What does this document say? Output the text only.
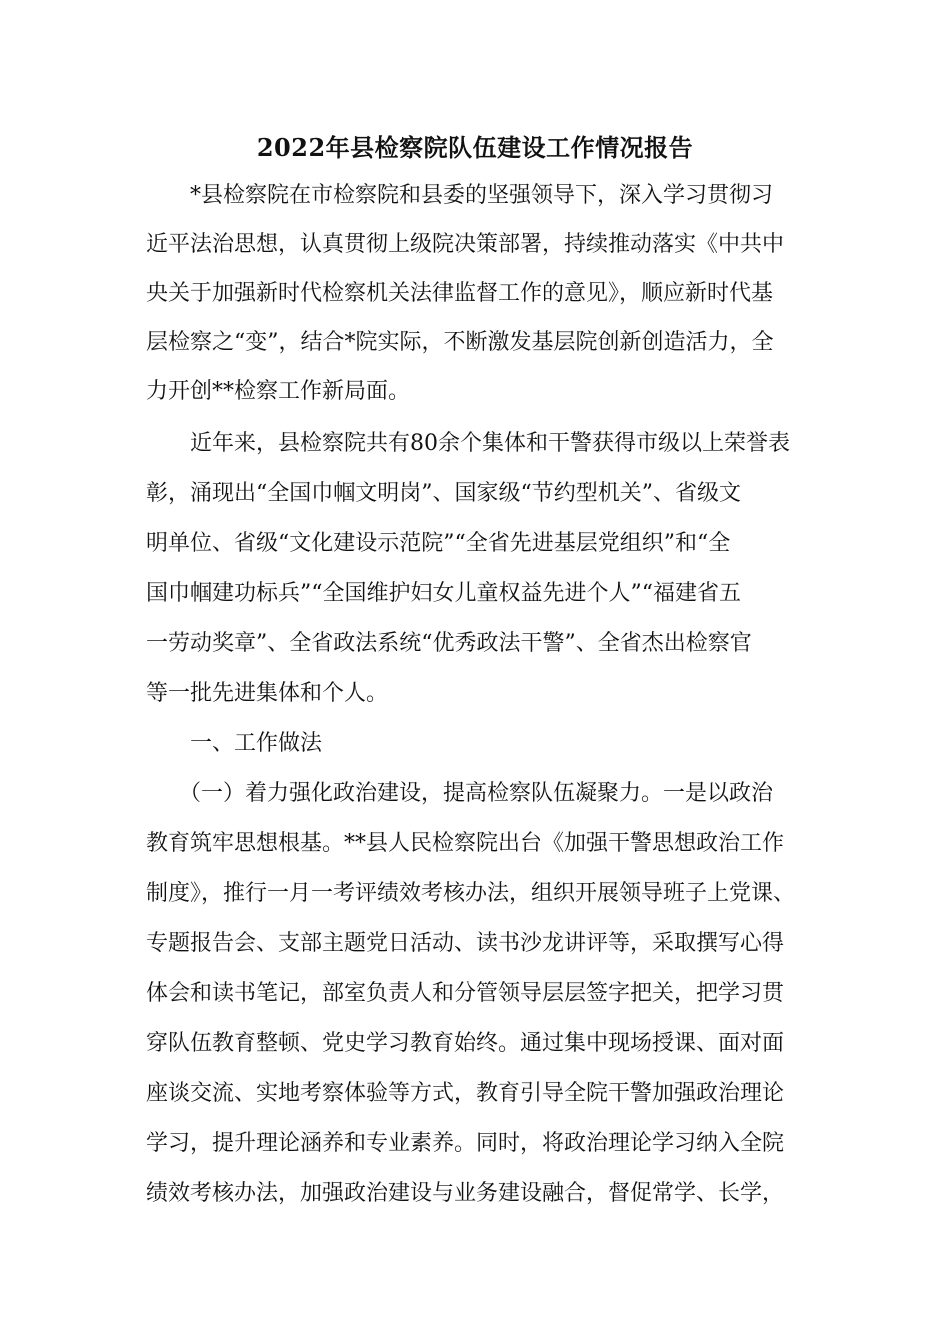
2022年县检察院队伍建设工作情况报告

　　*县检察院在市检察院和县委的坚强领导下，深入学习贯彻习

近平法治思想，认真贯彻上级院决策部署，持续推动落实《中共中

央关于加强新时代检察机关法律监督工作的意见》，顺应新时代基

层检察之“变”，结合*院实际，不断激发基层院创新创造活力，全

力开创**检察工作新局面。

　　近年来，县检察院共有80余个集体和干警获得市级以上荣誉表

彰，涌现出“全国巾帼文明岗”、国家级“节约型机关”、省级文

明单位、省级“文化建设示范院”“全省先进基层党组织”和“全

国巾帼建功标兵”“全国维护妇女儿童权益先进个人”“福建省五

一劳动奖章”、全省政法系统“优秀政法干警”、全省杰出检察官

等一批先进集体和个人。

　　一、工作做法

　　（一）着力强化政治建设，提高检察队伍凝聚力。一是以政治

教育筑牢思想根基。**县人民检察院出台《加强干警思想政治工作

制度》，推行一月一考评绩效考核办法，组织开展领导班子上党课、

专题报告会、支部主题党日活动、读书沙龙讲评等，采取撰写心得

体会和读书笔记，部室负责人和分管领导层层签字把关，把学习贯

穿队伍教育整顿、党史学习教育始终。通过集中现场授课、面对面

座谈交流、实地考察体验等方式，教育引导全院干警加强政治理论

学习，提升理论涵养和专业素养。同时，将政治理论学习纳入全院

绩效考核办法，加强政治建设与业务建设融合，督促常学、长学，
